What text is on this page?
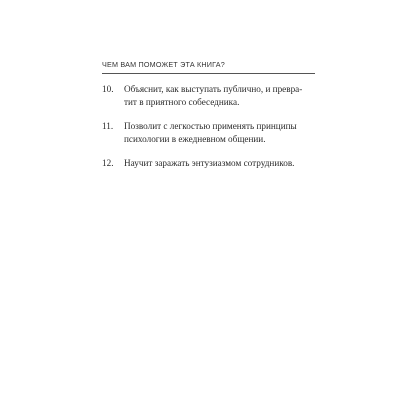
ЧЕМ ВАМ ПОМОЖЕТ ЭТА КНИГА?
10.	Объяснит, как выступать публично, и превра-
тит в приятного собеседника.
11.	Позволит с легкостью применять принципы
психологии в ежедневном общении.
12.	Научит заражать энтузиазмом сотрудников.
